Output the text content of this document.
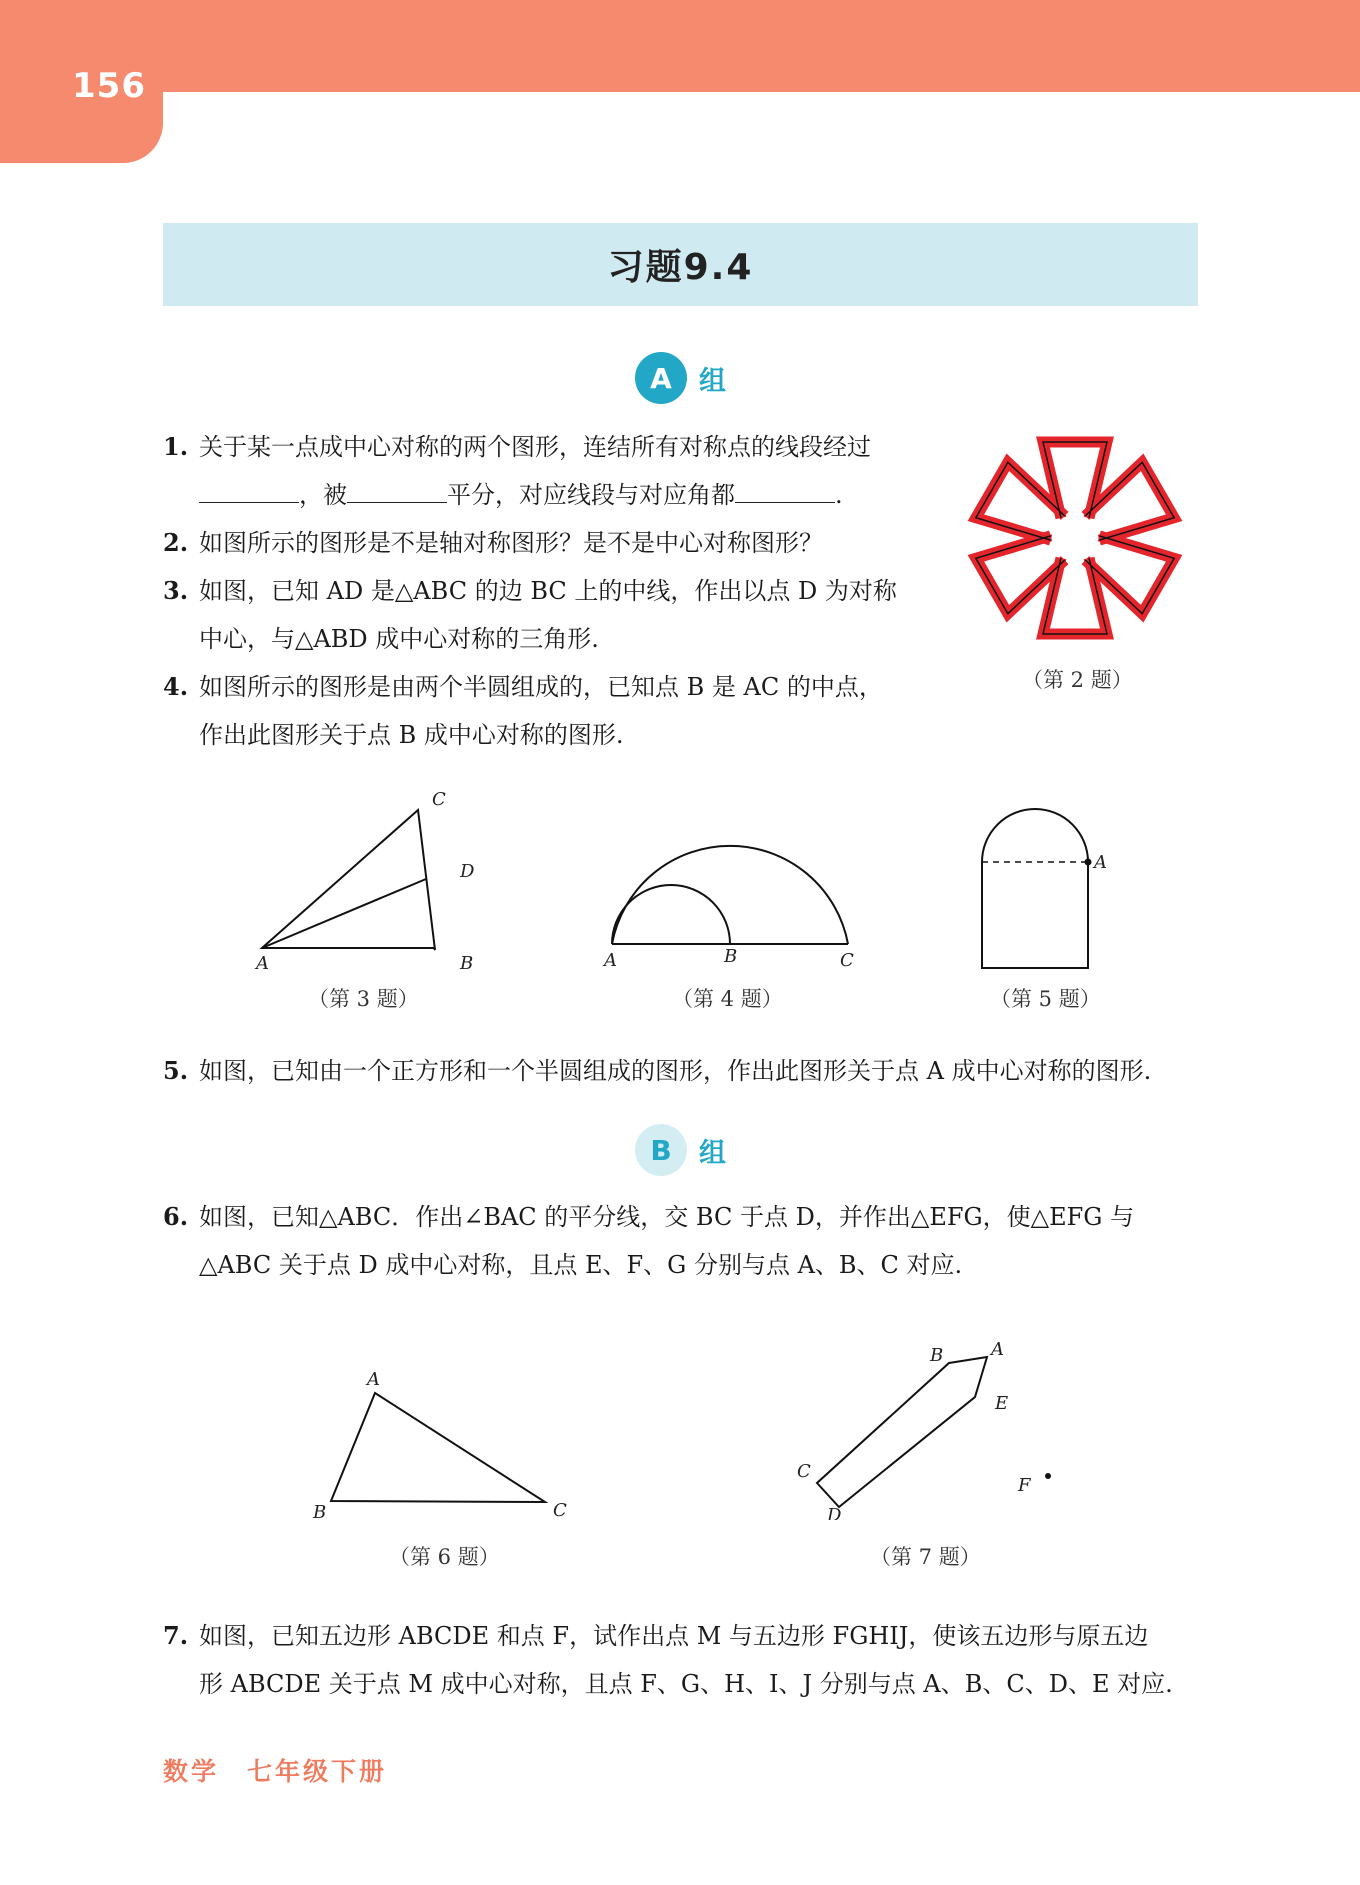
156
习题9.4
A	组
1. 关于某一点成中心对称的两个图形，连结所有对称点的线段经过
，被	平分，对应线段与对应角都	.
2. 如图所示的图形是不是轴对称图形？是不是中心对称图形？
3. 如图，已知 AD 是△ABC 的边 BC 上的中线，作出以点 D 为对称
中心，与△ABD 成中心对称的三角形.
4. 如图所示的图形是由两个半圆组成的，已知点 B 是 AC 的中点，
作出此图形关于点 B 成中心对称的图形.
（第 2 题）
A	B
C
D
（第 3 题）
A	B	C
（第 4 题）
A
（第 5 题）
5. 如图，已知由一个正方形和一个半圆组成的图形，作出此图形关于点 A 成中心对称的图形.
B	组
6. 如图，已知△ABC．作出∠BAC 的平分线，交 BC 于点 D，并作出△EFG，使△EFG 与
△ABC 关于点 D 成中心对称，且点 E、F、G 分别与点 A、B、C 对应.
A
B	C
（第 6 题）
A
B
E
C
D
F
（第 7 题）
7. 如图，已知五边形 ABCDE 和点 F，试作出点 M 与五边形 FGHIJ，使该五边形与原五边
形 ABCDE 关于点 M 成中心对称，且点 F、G、H、I、J 分别与点 A、B、C、D、E 对应.
数学　七年级下册
